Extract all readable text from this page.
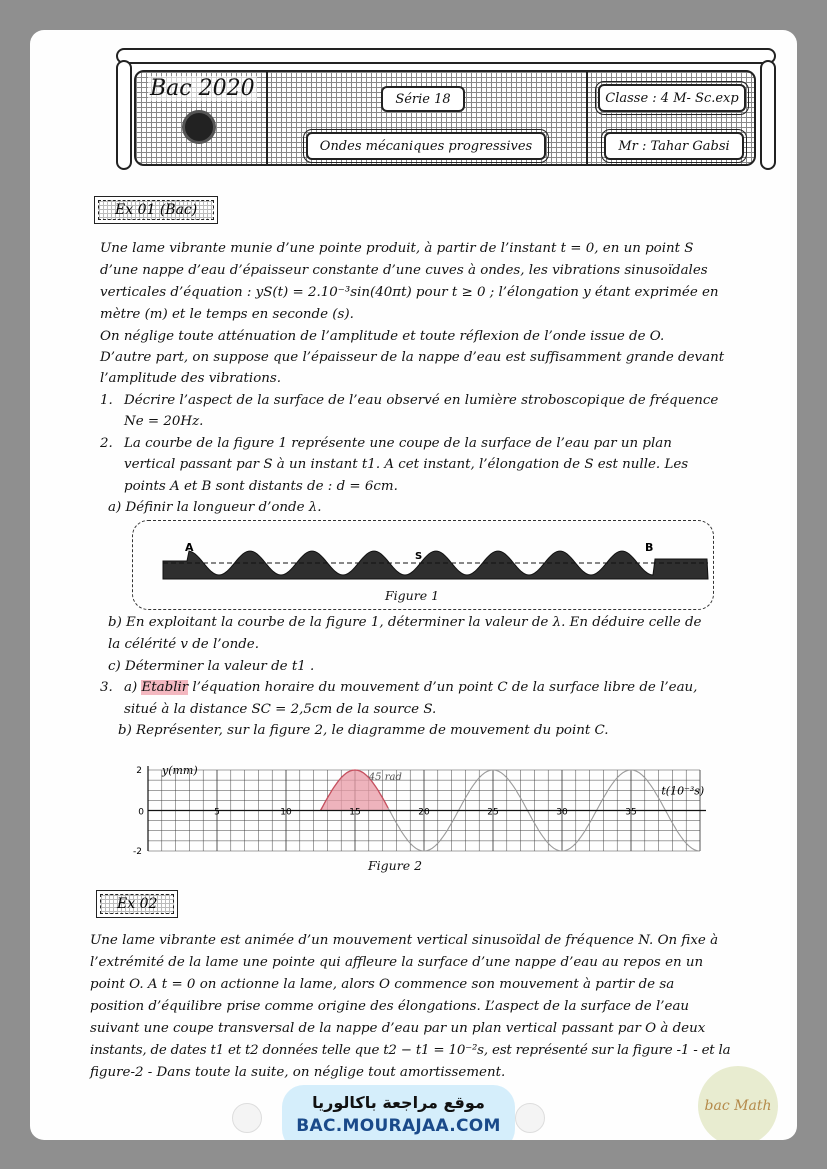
Bac 2020	Série 18
Ondes mécaniques progressives
Classe : 4 M- Sc.exp
Mr : Tahar Gabsi
Ex 01 (Bac)
Une lame vibrante munie d’une pointe produit, à partir de l’instant t = 0, en un point S
d’une nappe d’eau d’épaisseur constante d’une cuves à ondes, les vibrations sinusoïdales
verticales d’équation : yS(t) = 2.10⁻³sin(40πt) pour t ≥ 0 ; l’élongation y étant exprimée en
mètre (m) et le temps en seconde (s).
On néglige toute atténuation de l’amplitude et toute réflexion de l’onde issue de O.
D’autre part, on suppose que l’épaisseur de la nappe d’eau est suffisamment grande devant
l’amplitude des vibrations.
1. Décrire l’aspect de la surface de l’eau observé en lumière stroboscopique de fréquence
Ne = 20Hz.
2. La courbe de la figure 1 représente une coupe de la surface de l’eau par un plan
vertical passant par S à un instant t1. A cet instant, l’élongation de S est nulle. Les
points A et B sont distants de : d = 6cm.
a) Définir la longueur d’onde λ.
A
S
B
Figure 1
b) En exploitant la courbe de la figure 1, déterminer la valeur de λ. En déduire celle de
la célérité v de l’onde.
c) Déterminer la valeur de t1 .
3. a) Etablir l’équation horaire du mouvement d’un point C de la surface libre de l’eau,
situé à la distance SC = 2,5cm de la source S.
b) Représenter, sur la figure 2, le diagramme de mouvement du point C.
y(mm)
t(10⁻³s)
45 rad
5	10	15	20	25	30	35
0
2
-2
Figure 2
Ex 02
Une lame vibrante est animée d’un mouvement vertical sinusoïdal de fréquence N. On fixe à
l’extrémité de la lame une pointe qui affleure la surface d’une nappe d’eau au repos en un
point O. A t = 0 on actionne la lame, alors O commence son mouvement à partir de sa
position d’équilibre prise comme origine des élongations. L’aspect de la surface de l’eau
suivant une coupe transversal de la nappe d’eau par un plan vertical passant par O à deux
instants, de dates t1 et t2 données telle que t2 − t1 = 10⁻²s, est représenté sur la figure -1 - et la
figure-2 - Dans toute la suite, on néglige tout amortissement.
موقع مراجعة باكالوريا
BAC.MOURAJAA.COM
bac Math
